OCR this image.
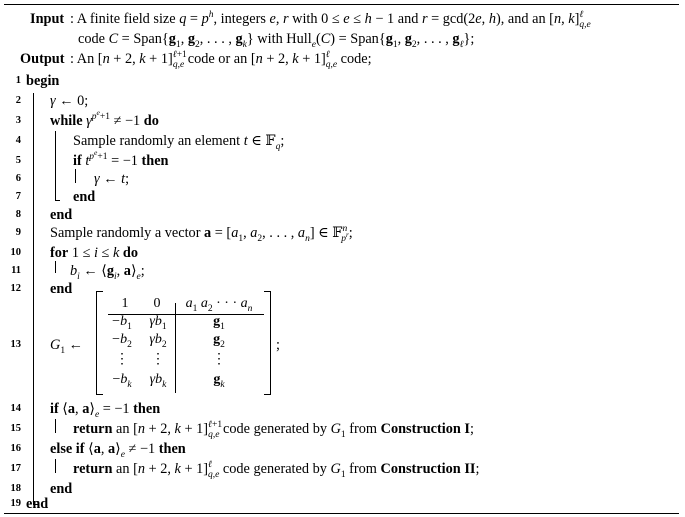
Input : A finite field size $q = p^h$, integers e, r with 0 ≤ e ≤ h − 1 and r = gcd(2e, h), and an [n, k]$^\ell_{q,e}$
code $C = Span\{g_1$, $g_2$, . . . , $g_k$} with Hull$_e$(C) = $Span\{g_1$, $g_2$, . . . , $g_\ell$};
Output : An [n + 2, k + 1]$^{\ell+1}_{q,e}$ code or an [n + 2, k + 1]$^\ell_{q,e}$ code;
1 begin
2 γ ← 0;
3 while $\gamma^{p^e+1} \ne -1$ do
4	Sample randomly an element t ∈ 𝔽$_q$;
5	if $t^{p^e+1} = -1$ then
6	γ ← t;
7	end
8 end
9 Sample randomly a vector $a = [a_1$, $a_2$, . . . , $a_n$] ∈ 𝔽$^n_{p^r}$;
10 for 1 ≤ i ≤ k do
11	$b_i$ ← $⟨g_i$, $a⟩_e$;
12 end
13 $G_1$ ←
1	0	$a_1$ $a_2$ · · · $a_n$
$-b_1$	$\gamma b_1$	$g_1$
$-b_2$	$\gamma b_2$	$g_2$
⋮	⋮	⋮
$-b_k$	$\gamma b_k$	$g_k$
;
14 if ⟨a, $a⟩_e = -1$ then
15	return an [n + 2, k + 1]$^{\ell+1}_{q,e}$ code generated by $G_1$ from Construction I;
16 else if ⟨a, $a⟩_e \ne -1$ then
17	return an [n + 2, k + 1]$^\ell_{q,e}$ code generated by $G_1$ from Construction II;
18 end
19 end
